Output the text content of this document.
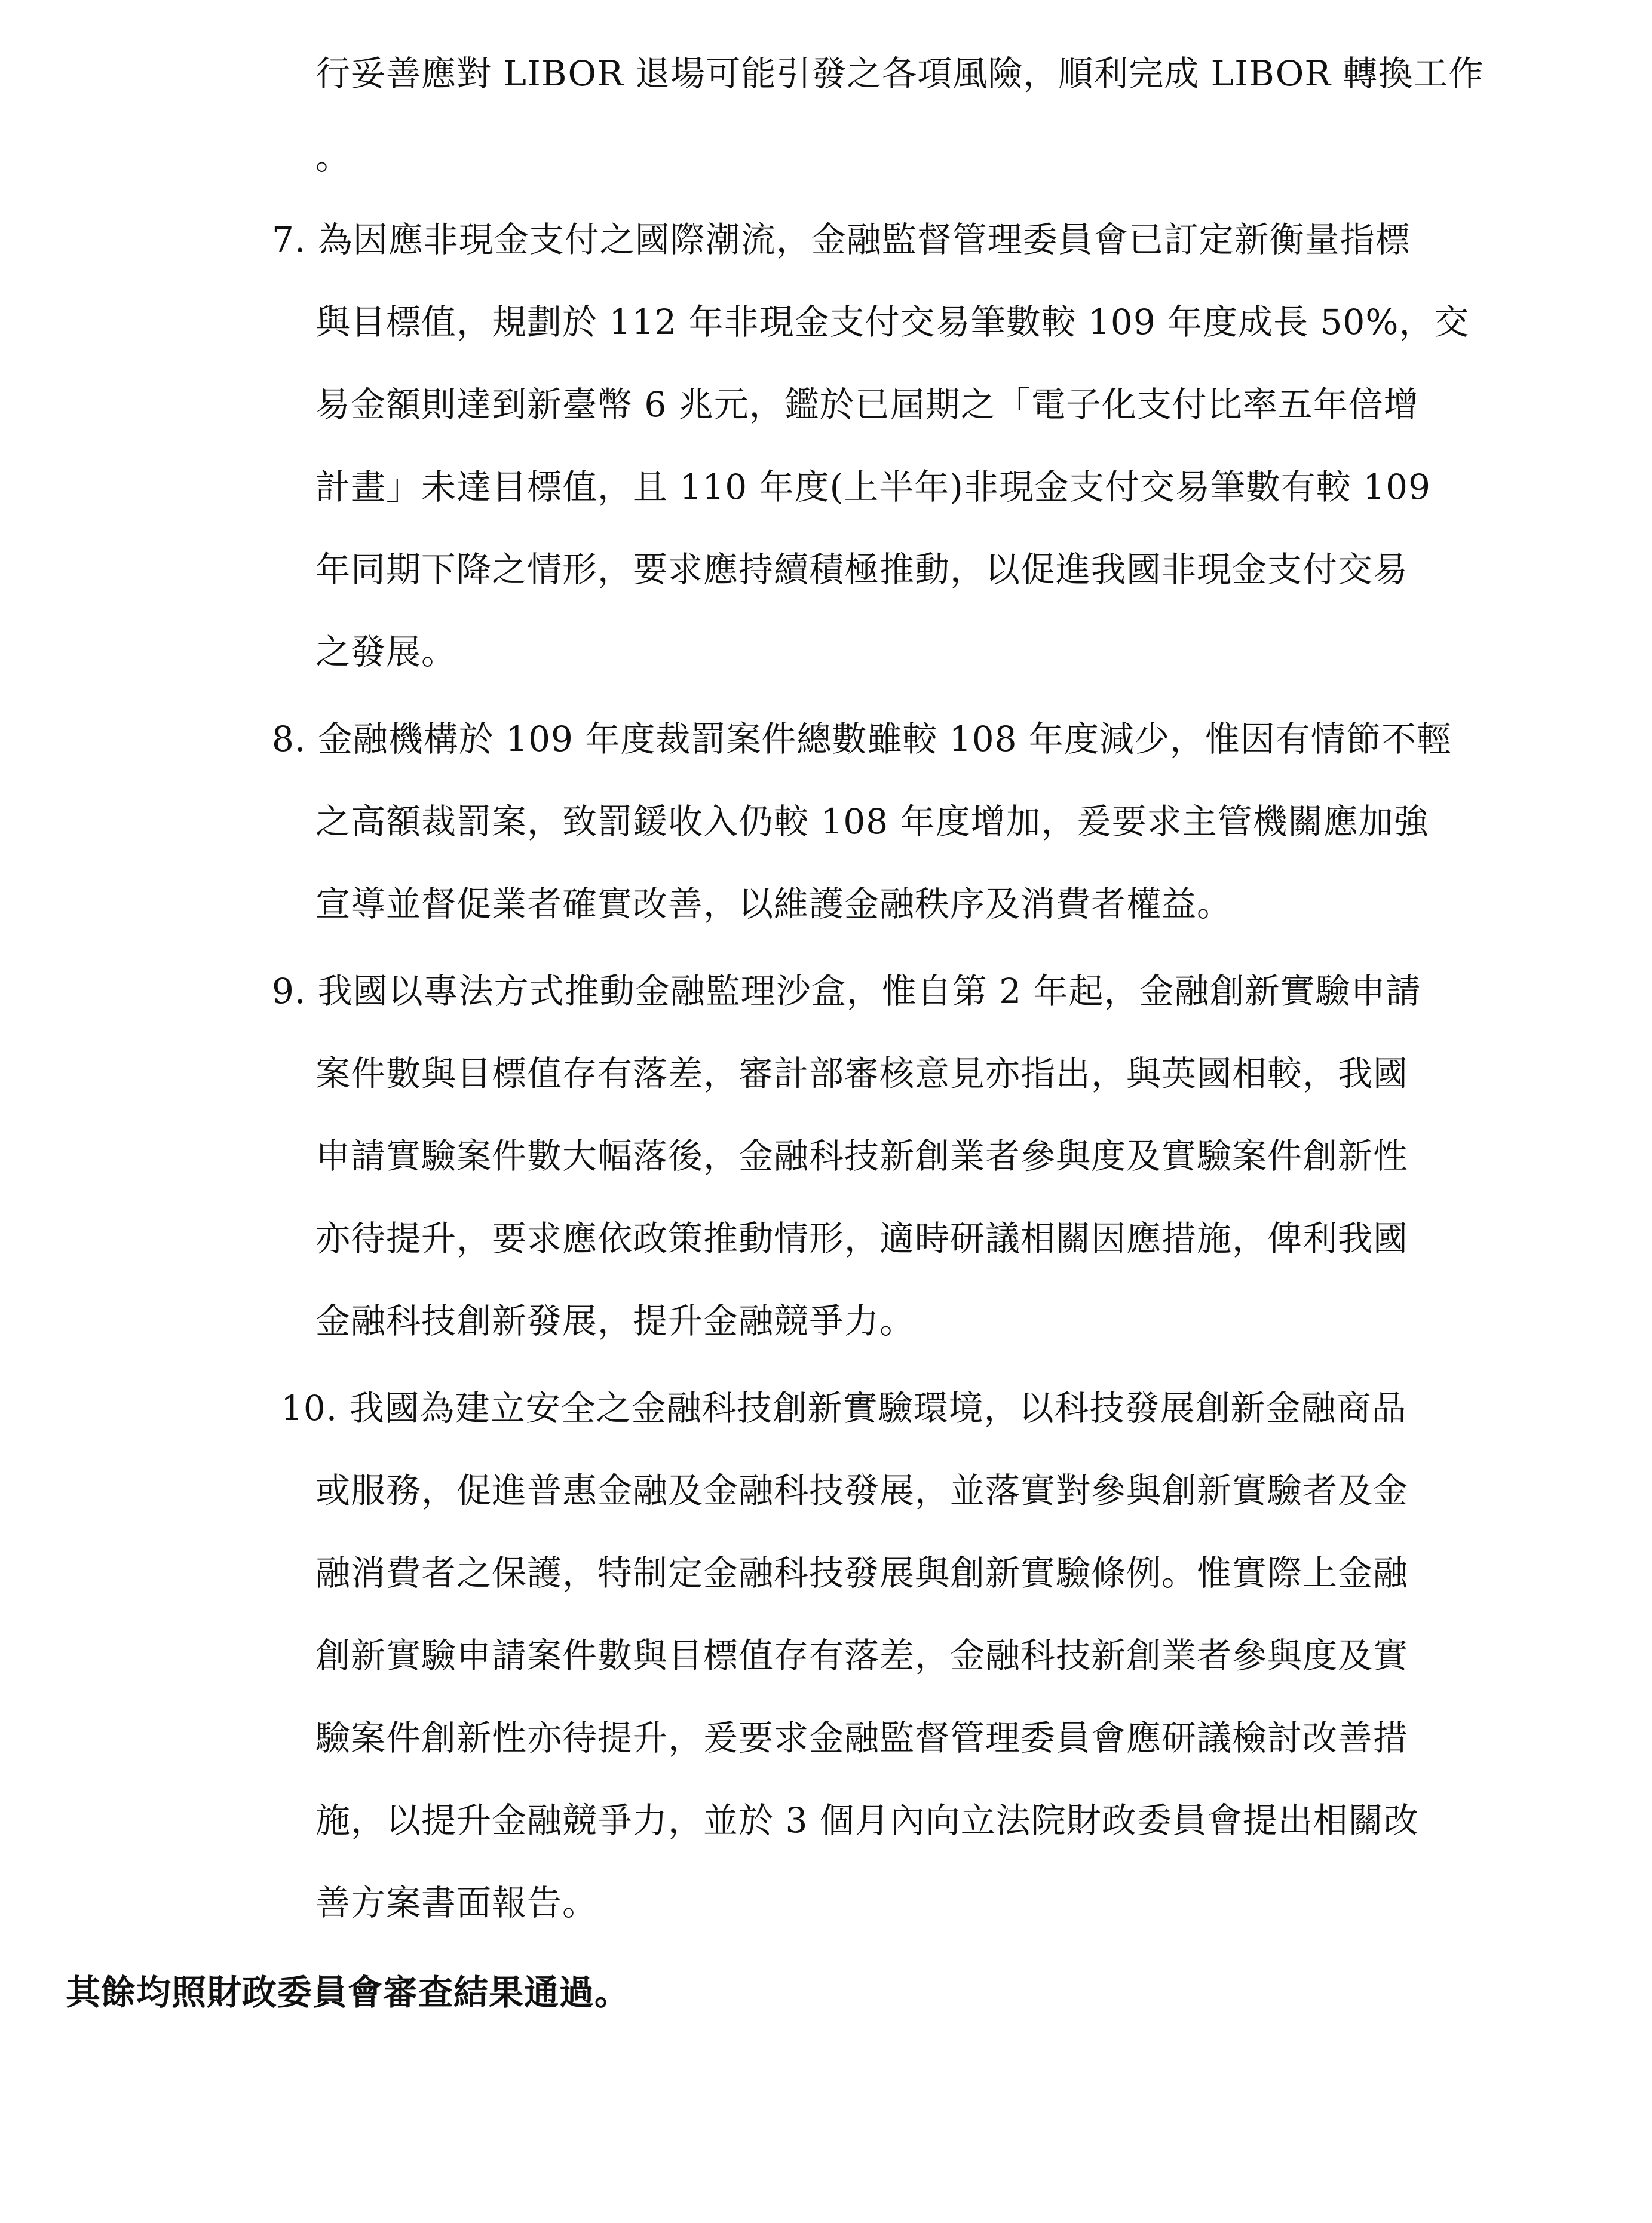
行妥善應對 LIBOR 退場可能引發之各項風險，順利完成 LIBOR 轉換工作
。
7. 為因應非現金支付之國際潮流，金融監督管理委員會已訂定新衡量指標
與目標值，規劃於 112 年非現金支付交易筆數較 109 年度成長 50%，交
易金額則達到新臺幣 6 兆元，鑑於已屆期之「電子化支付比率五年倍增
計畫」未達目標值，且 110 年度(上半年)非現金支付交易筆數有較 109
年同期下降之情形，要求應持續積極推動，以促進我國非現金支付交易
之發展。
8. 金融機構於 109 年度裁罰案件總數雖較 108 年度減少，惟因有情節不輕
之高額裁罰案，致罰鍰收入仍較 108 年度增加，爰要求主管機關應加強
宣導並督促業者確實改善，以維護金融秩序及消費者權益。
9. 我國以專法方式推動金融監理沙盒，惟自第 2 年起，金融創新實驗申請
案件數與目標值存有落差，審計部審核意見亦指出，與英國相較，我國
申請實驗案件數大幅落後，金融科技新創業者參與度及實驗案件創新性
亦待提升，要求應依政策推動情形，適時研議相關因應措施，俾利我國
金融科技創新發展，提升金融競爭力。
10. 我國為建立安全之金融科技創新實驗環境，以科技發展創新金融商品
或服務，促進普惠金融及金融科技發展，並落實對參與創新實驗者及金
融消費者之保護，特制定金融科技發展與創新實驗條例。惟實際上金融
創新實驗申請案件數與目標值存有落差，金融科技新創業者參與度及實
驗案件創新性亦待提升，爰要求金融監督管理委員會應研議檢討改善措
施，以提升金融競爭力，並於 3 個月內向立法院財政委員會提出相關改
善方案書面報告。
其餘均照財政委員會審查結果通過。
